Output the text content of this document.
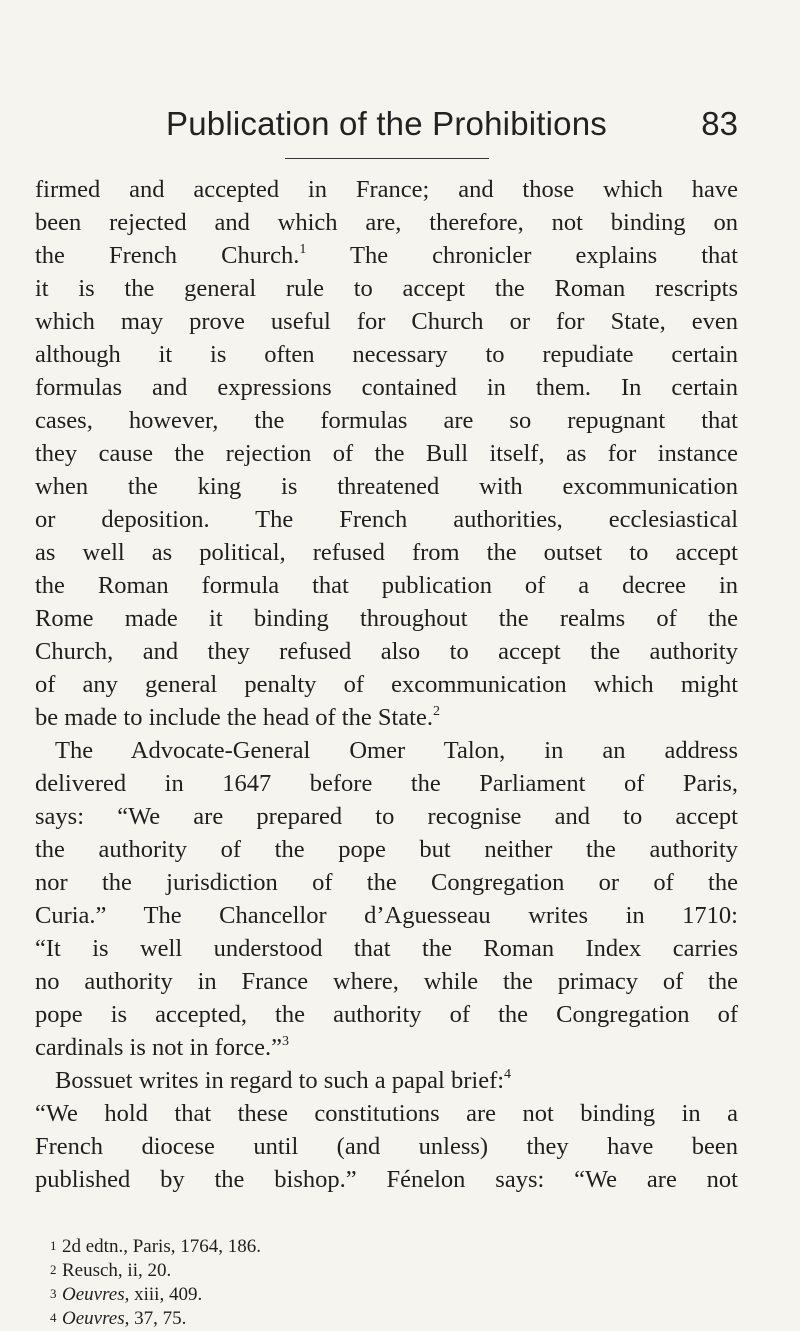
Publication of the Prohibitions	83
firmed and accepted in France; and those which have
been rejected and which are, therefore, not binding on
the French Church.$^1$ The chronicler explains that
it is the general rule to accept the Roman rescripts
which may prove useful for Church or for State, even
although it is often necessary to repudiate certain
formulas and expressions contained in them. In certain
cases, however, the formulas are so repugnant that
they cause the rejection of the Bull itself, as for instance
when the king is threatened with excommunication
or deposition. The French authorities, ecclesiastical
as well as political, refused from the outset to accept
the Roman formula that publication of a decree in
Rome made it binding throughout the realms of the
Church, and they refused also to accept the authority
of any general penalty of excommunication which might
be made to include the head of the State.$^2$
The Advocate-General Omer Talon, in an address
delivered in 1647 before the Parliament of Paris,
says: “We are prepared to recognise and to accept
the authority of the pope but neither the authority
nor the jurisdiction of the Congregation or of the
Curia.” The Chancellor d’Aguesseau writes in 1710:
“It is well understood that the Roman Index carries
no authority in France where, while the primacy of the
pope is accepted, the authority of the Congregation of
cardinals is not in force.”$^3$
Bossuet writes in regard to such a papal brief:$^4$
“We hold that these constitutions are not binding in a
French diocese until (and unless) they have been
published by the bishop.” Fénelon says: “We are not
1 2d edtn., Paris, 1764, 186.
2 Reusch, ii, 20.
3 Oeuvres, xiii, 409.
4 Oeuvres, 37, 75.
